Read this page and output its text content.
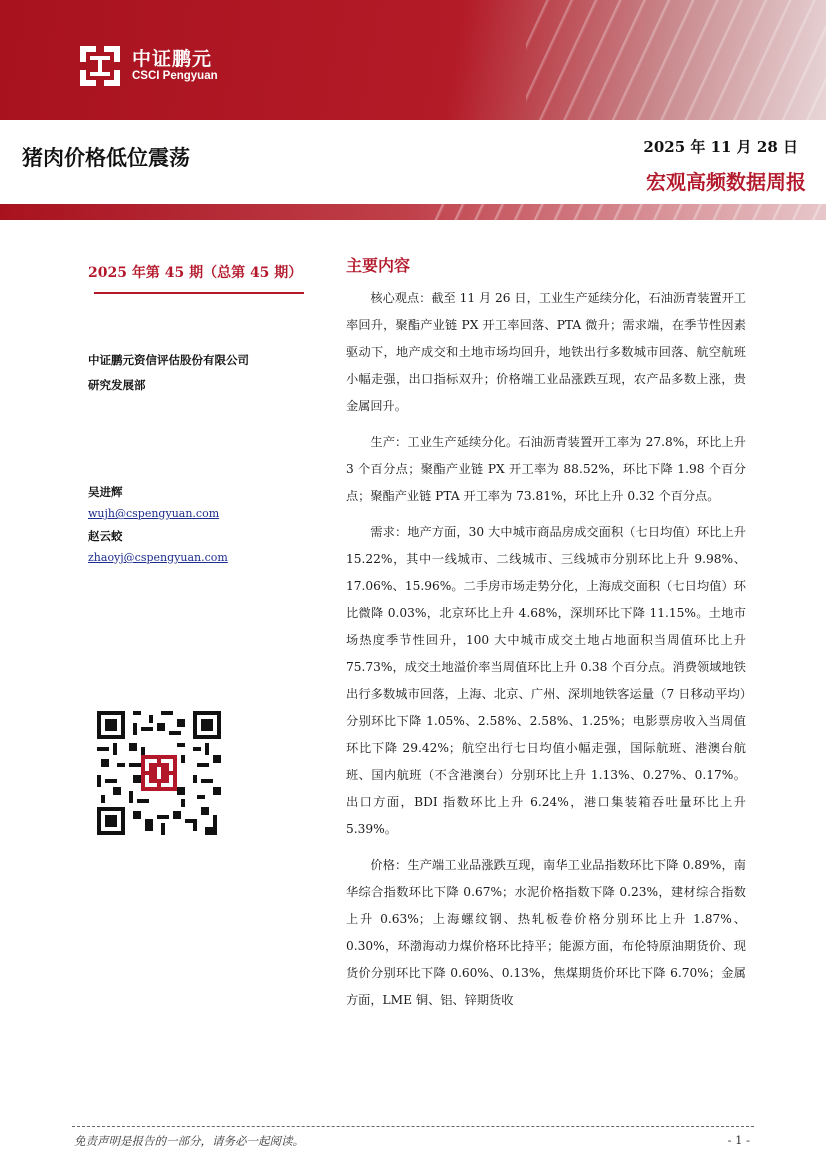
中证鹏元
CSCI Pengyuan
猪肉价格低位震荡	2025 年 11 月 28 日
宏观高频数据周报
2025 年第 45 期（总第 45 期）
中证鹏元资信评估股份有限公司
研究发展部
吴进辉
wujh@cspengyuan.com
赵云蛟
zhaoyj@cspengyuan.com
主要内容

核心观点：截至 11 月 26 日，工业生产延续分化，石油沥青装置开工率回升，聚酯产业链 PX 开工率回落、PTA 微升；需求端，在季节性因素驱动下，地产成交和土地市场均回升，地铁出行多数城市回落、航空航班小幅走强，出口指标双升；价格端工业品涨跌互现，农产品多数上涨，贵金属回升。

生产：工业生产延续分化。石油沥青装置开工率为 27.8%，环比上升 3 个百分点；聚酯产业链 PX 开工率为 88.52%，环比下降 1.98 个百分点；聚酯产业链 PTA 开工率为 73.81%，环比上升 0.32 个百分点。

需求：地产方面，30 大中城市商品房成交面积（七日均值）环比上升 15.22%，其中一线城市、二线城市、三线城市分别环比上升 9.98%、17.06%、15.96%。二手房市场走势分化，上海成交面积（七日均值）环比微降 0.03%，北京环比上升 4.68%，深圳环比下降 11.15%。土地市场热度季节性回升，100 大中城市成交土地占地面积当周值环比上升 75.73%，成交土地溢价率当周值环比上升 0.38 个百分点。消费领域地铁出行多数城市回落，上海、北京、广州、深圳地铁客运量（7 日移动平均）分别环比下降 1.05%、2.58%、2.58%、1.25%；电影票房收入当周值环比下降 29.42%；航空出行七日均值小幅走强，国际航班、港澳台航班、国内航班（不含港澳台）分别环比上升 1.13%、0.27%、0.17%。出口方面，BDI 指数环比上升 6.24%，港口集装箱吞吐量环比上升 5.39%。

价格：生产端工业品涨跌互现，南华工业品指数环比下降 0.89%，南华综合指数环比下降 0.67%；水泥价格指数下降 0.23%，建材综合指数上升 0.63%；上海螺纹钢、热轧板卷价格分别环比上升 1.87%、0.30%，环渤海动力煤价格环比持平；能源方面，布伦特原油期货价、现货价分别环比下降 0.60%、0.13%，焦煤期货价环比下降 6.70%；金属方面，LME 铜、铝、锌期货收

免责声明是报告的一部分，请务必一起阅读。	- 1 -
